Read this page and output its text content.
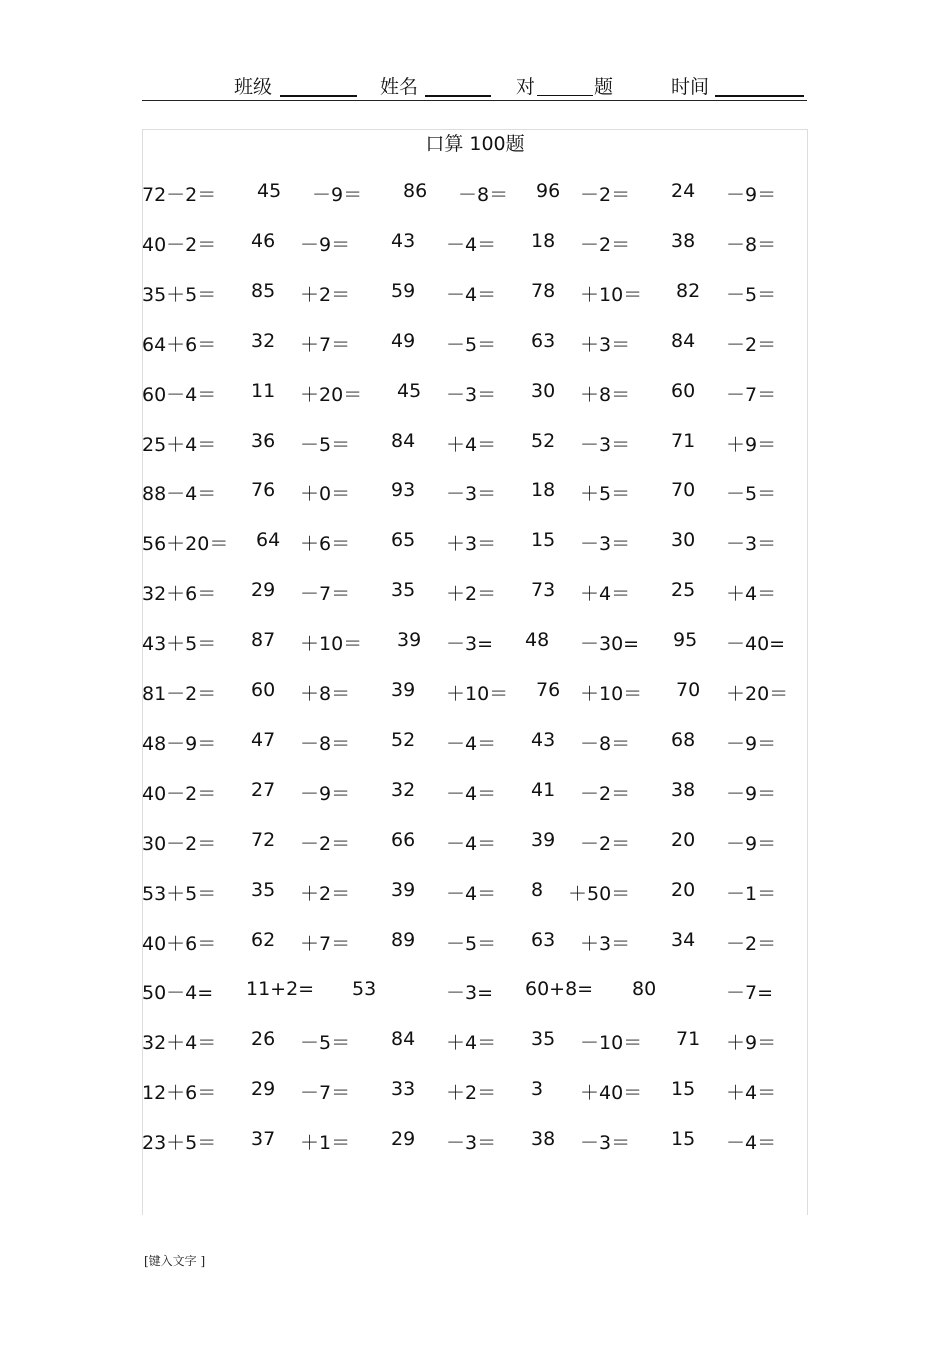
班级	姓名	对	题	时间
口算 100题
72－2＝ 45 －9＝ 86 －8＝ 96 －2＝ 24 －9＝
40－2＝ 46 －9＝ 43 －4＝ 18 －2＝ 38 －8＝
35＋5＝ 85 ＋2＝ 59 －4＝ 78 ＋10＝ 82 －5＝
64＋6＝ 32 ＋7＝ 49 －5＝ 63 ＋3＝ 84 －2＝
60－4＝ 11 ＋20＝ 45 －3＝ 30 ＋8＝ 60 －7＝
25＋4＝ 36 －5＝ 84 ＋4＝ 52 －3＝ 71 ＋9＝
88－4＝ 76 ＋0＝ 93 －3＝ 18 ＋5＝ 70 －5＝
56＋20＝ 64 ＋6＝ 65 ＋3＝ 15 －3＝ 30 －3＝
32＋6＝ 29 －7＝ 35 ＋2＝ 73 ＋4＝ 25 ＋4＝
43＋5＝ 87 ＋10＝ 39 －3= 48 －30= 95 －40=
81－2＝ 60 ＋8＝ 39 ＋10＝ 76 ＋10＝ 70 ＋20＝
48－9＝ 47 －8＝ 52 －4＝ 43 －8＝ 68 －9＝
40－2＝ 27 －9＝ 32 －4＝ 41 －2＝ 38 －9＝
30－2＝ 72 －2＝ 66 －4＝ 39 －2＝ 20 －9＝
53＋5＝ 35 ＋2＝ 39 －4＝ 8 ＋50＝ 20 －1＝
40＋6＝ 62 ＋7＝ 89 －5＝ 63 ＋3＝ 34 －2＝
50－4= 11+2= 53	－3= 60+8= 80	－7=
32＋4＝ 26 －5＝ 84 ＋4＝ 35 －10＝ 71 ＋9＝
12＋6＝ 29 －7＝ 33 ＋2＝ 3 ＋40＝ 15 ＋4＝
23＋5＝ 37 ＋1＝ 29 －3＝ 38 －3＝ 15 －4＝
[键入文字 ]
